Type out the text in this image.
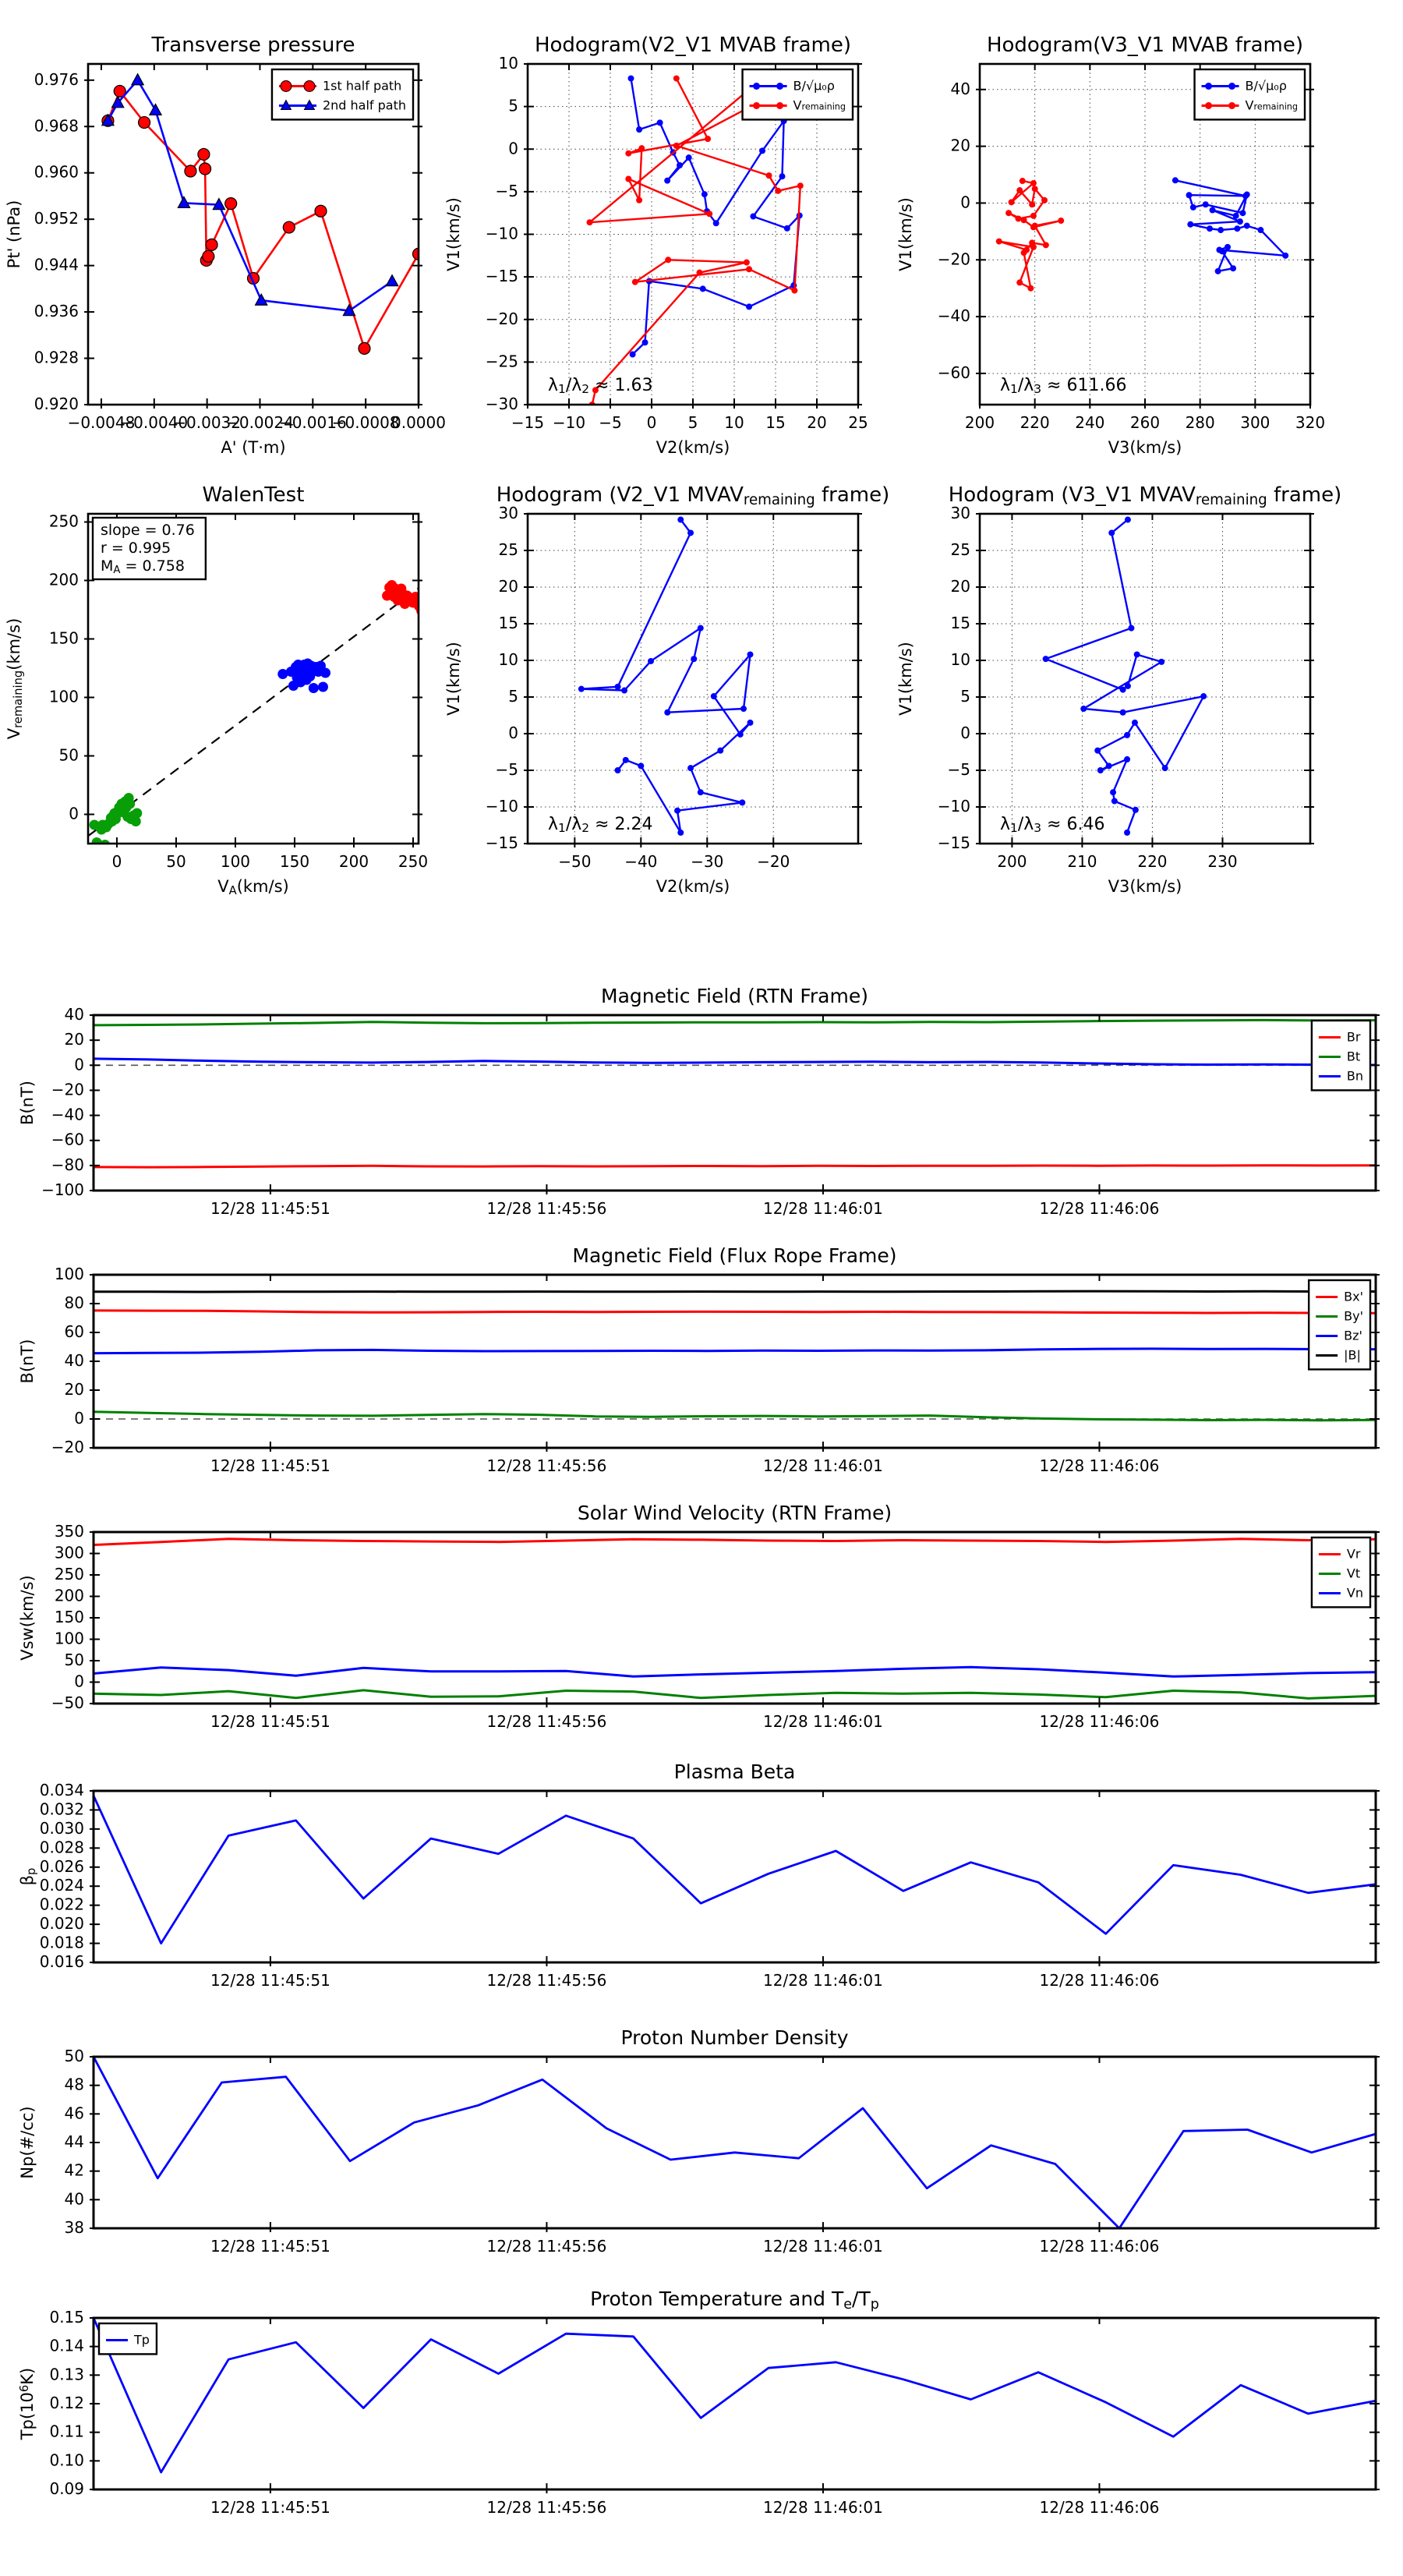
−0.0048
−0.0040
−0.0032
−0.0024
−0.0016
−0.0008
0.0000
0.920
0.928
0.936
0.944
0.952
0.960
0.968
0.976
Transverse pressure
A' (T·m)
Pt' (nPa)
1st half path
2nd half path
−15 −10 −5 0 5 10 15 20 25
−30
−25
−20
−15
−10
−5
0
5
10
Hodogram(V2_V1 MVAB frame)
V2(km/s)
V1(km/s)
B/√μ₀ρ
Vremaining
λ1/λ2 ≈ 1.63
200 220 240 260 280 300 320
−60
−40
−20
0
20
40
Hodogram(V3_V1 MVAB frame)
V3(km/s)
V1(km/s)
B/√μ₀ρ
Vremaining
λ1/λ3 ≈ 611.66
0	50 100 150 200 250
0
50
100
150
200
250
WalenTest
VA(km/s)
Vremaining(km/s)
slope = 0.76
r = 0.995
MA = 0.758
−50 −40 −30 −20
−15
−10
−5
0
5
10
15
20
25
30
Hodogram (V2_V1 MVAVremaining frame)
V2(km/s)
V1(km/s)
λ1/λ2 ≈ 2.24
200	210	220	230
−15
−10
−5
0
5
10
15
20
25
30
Hodogram (V3_V1 MVAVremaining frame)
V3(km/s)
V1(km/s)
λ1/λ3 ≈ 6.46
12/28 11:45:51	12/28 11:45:56	12/28 11:46:01	12/28 11:46:06
−100
−80
−60
−40
−20
0
20
40
Magnetic Field (RTN Frame)
B(nT)
Br
Bt
Bn
12/28 11:45:51	12/28 11:45:56	12/28 11:46:01	12/28 11:46:06
−20
0
20
40
60
80
100
Magnetic Field (Flux Rope Frame)
B(nT)
Bx'
By'
Bz'
|B|
12/28 11:45:51	12/28 11:45:56	12/28 11:46:01	12/28 11:46:06
−50
0
50
100
150
200
250
300
350
Solar Wind Velocity (RTN Frame)
Vsw(km/s)
Vr
Vt
Vn
12/28 11:45:51	12/28 11:45:56	12/28 11:46:01	12/28 11:46:06
0.016
0.018
0.020
0.022
0.024
0.026
0.028
0.030
0.032
0.034
Plasma Beta
βp
12/28 11:45:51	12/28 11:45:56	12/28 11:46:01	12/28 11:46:06
38
40
42
44
46
48
50
Proton Number Density
Np(#/cc)
12/28 11:45:51	12/28 11:45:56	12/28 11:46:01	12/28 11:46:06
0.09
0.10
0.11
0.12
0.13
0.14
0.15
Proton Temperature and Te/Tp
Tp(106K)
Tp
